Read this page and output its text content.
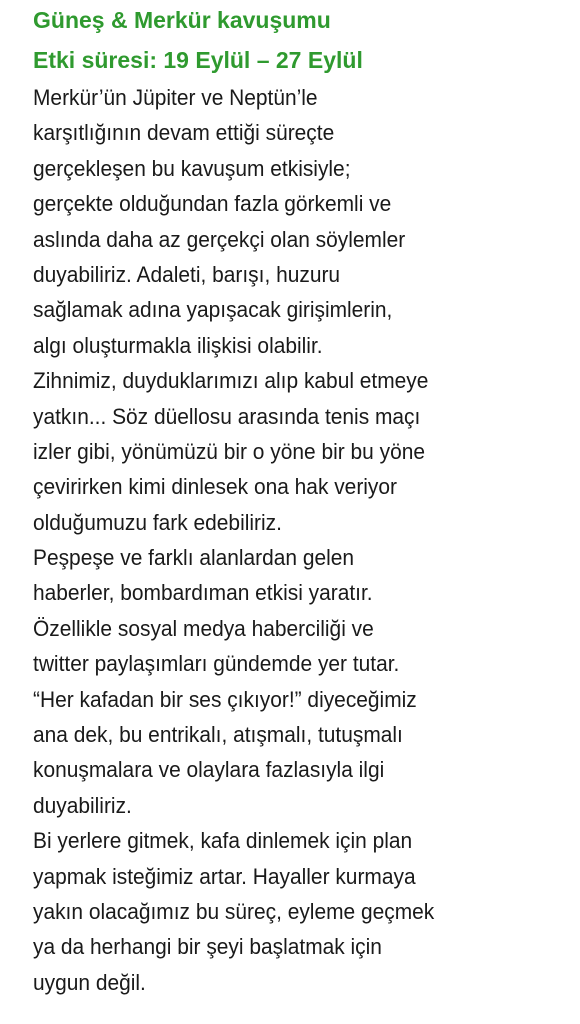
Güneş & Merkür kavuşumu
Etki süresi: 19 Eylül – 27 Eylül
Merkür’ün Jüpiter ve Neptün’le
karşıtlığının devam ettiği süreçte
gerçekleşen bu kavuşum etkisiyle;
gerçekte olduğundan fazla görkemli ve
aslında daha az gerçekçi olan söylemler
duyabiliriz. Adaleti, barışı, huzuru
sağlamak adına yapışacak girişimlerin,
algı oluşturmakla ilişkisi olabilir.
Zihnimiz, duyduklarımızı alıp kabul etmeye
yatkın... Söz düellosu arasında tenis maçı
izler gibi, yönümüzü bir o yöne bir bu yöne
çevirirken kimi dinlesek ona hak veriyor
olduğumuzu fark edebiliriz.
Peşpeşe ve farklı alanlardan gelen
haberler, bombardıman etkisi yaratır.
Özellikle sosyal medya haberciliği ve
twitter paylaşımları gündemde yer tutar.
“Her kafadan bir ses çıkıyor!” diyeceğimiz
ana dek, bu entrikalı, atışmalı, tutuşmalı
konuşmalara ve olaylara fazlasıyla ilgi
duyabiliriz.
Bi yerlere gitmek, kafa dinlemek için plan
yapmak isteğimiz artar. Hayaller kurmaya
yakın olacağımız bu süreç, eyleme geçmek
ya da herhangi bir şeyi başlatmak için
uygun değil.
